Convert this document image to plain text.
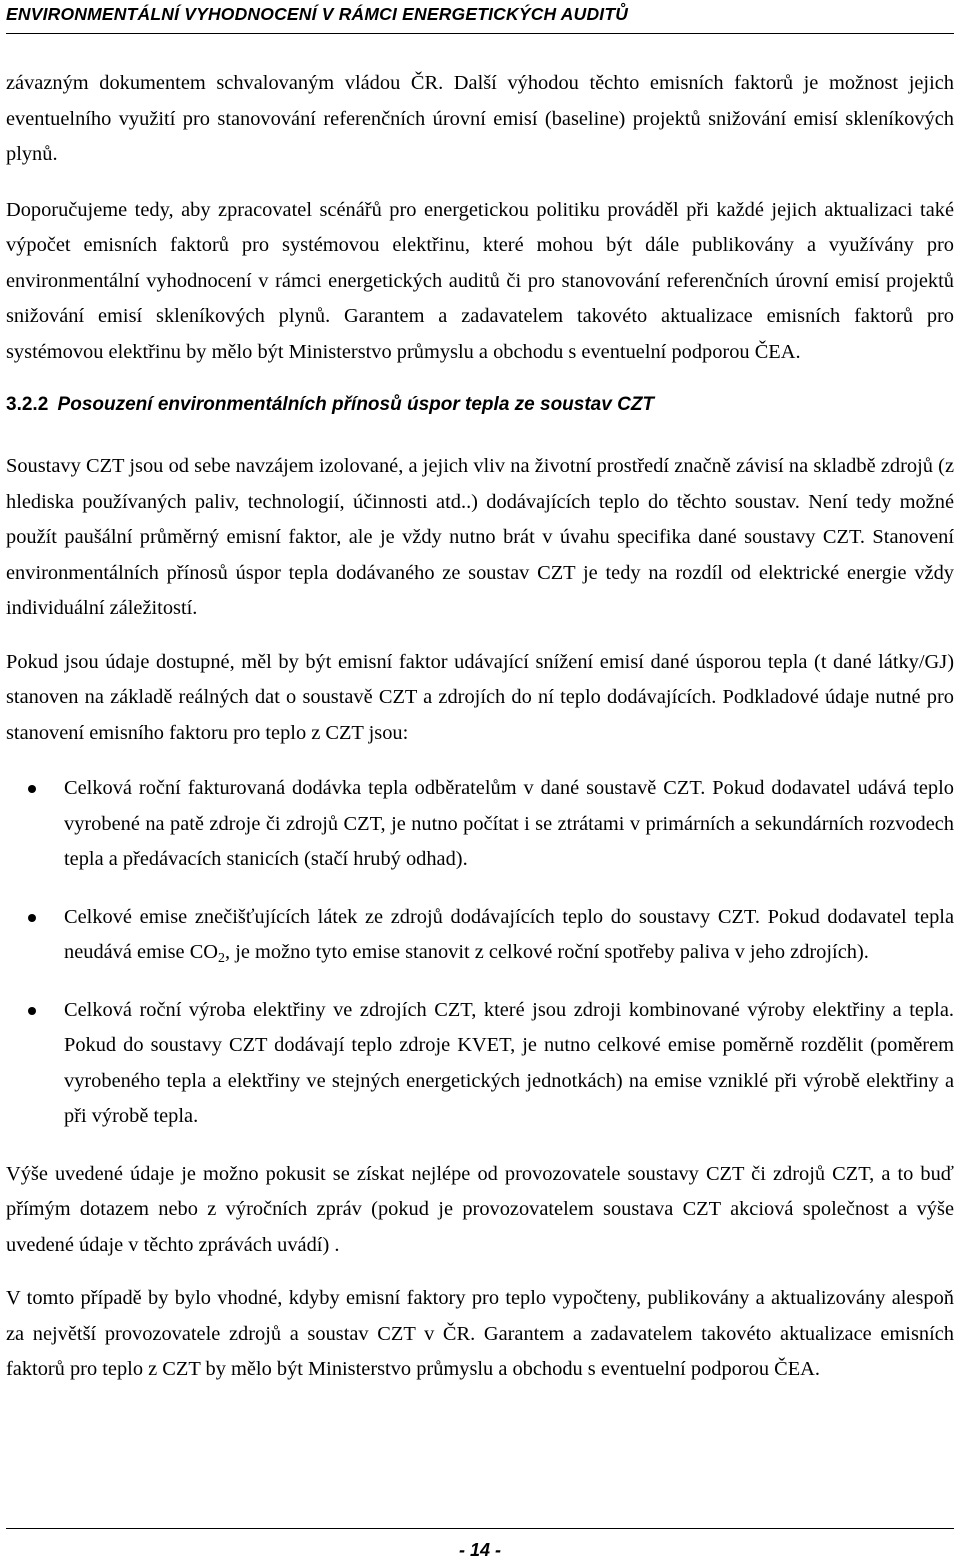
ENVIRONMENTÁLNÍ VYHODNOCENÍ V RÁMCI ENERGETICKÝCH AUDITŮ

závazným dokumentem schvalovaným vládou ČR. Další výhodou těchto emisních faktorů je možnost jejich eventuelního využití pro stanovování referenčních úrovní emisí (baseline) projektů snižování emisí skleníkových plynů.

Doporučujeme tedy, aby zpracovatel scénářů pro energetickou politiku prováděl při každé jejich aktualizaci také výpočet emisních faktorů pro systémovou elektřinu, které mohou být dále publikovány a využívány pro environmentální vyhodnocení v rámci energetických auditů či pro stanovování referenčních úrovní emisí projektů snižování emisí skleníkových plynů. Garantem a zadavatelem takovéto aktualizace emisních faktorů pro systémovou elektřinu by mělo být Ministerstvo průmyslu a obchodu s eventuelní podporou ČEA.

3.2.2 Posouzení environmentálních přínosů úspor tepla ze soustav CZT

Soustavy CZT jsou od sebe navzájem izolované, a jejich vliv na životní prostředí značně závisí na skladbě zdrojů (z hlediska používaných paliv, technologií, účinnosti atd..) dodávajících teplo do těchto soustav. Není tedy možné použít paušální průměrný emisní faktor, ale je vždy nutno brát v úvahu specifika dané soustavy CZT. Stanovení environmentálních přínosů úspor tepla dodávaného ze soustav CZT je tedy na rozdíl od elektrické energie vždy individuální záležitostí.

Pokud jsou údaje dostupné, měl by být emisní faktor udávající snížení emisí dané úsporou tepla (t dané látky/GJ) stanoven na základě reálných dat o soustavě CZT a zdrojích do ní teplo dodávajících. Podkladové údaje nutné pro stanovení emisního faktoru pro teplo z CZT jsou:

Celková roční fakturovaná dodávka tepla odběratelům v dané soustavě CZT. Pokud dodavatel udává teplo vyrobené na patě zdroje či zdrojů CZT, je nutno počítat i se ztrátami v primárních a sekundárních rozvodech tepla a předávacích stanicích (stačí hrubý odhad).

Celkové emise znečišťujících látek ze zdrojů dodávajících teplo do soustavy CZT. Pokud dodavatel tepla neudává emise $CO_2$, je možno tyto emise stanovit z celkové roční spotřeby paliva v jeho zdrojích).

Celková roční výroba elektřiny ve zdrojích CZT, které jsou zdroji kombinované výroby elektřiny a tepla. Pokud do soustavy CZT dodávají teplo zdroje KVET, je nutno celkové emise poměrně rozdělit (poměrem vyrobeného tepla a elektřiny ve stejných energetických jednotkách) na emise vzniklé při výrobě elektřiny a při výrobě tepla.

Výše uvedené údaje je možno pokusit se získat nejlépe od provozovatele soustavy CZT či zdrojů CZT, a to buď přímým dotazem nebo z výročních zpráv (pokud je provozovatelem soustava CZT akciová společnost a výše uvedené údaje v těchto zprávách uvádí) .

V tomto případě by bylo vhodné, kdyby emisní faktory pro teplo vypočteny, publikovány a aktualizovány alespoň za největší provozovatele zdrojů a soustav CZT v ČR. Garantem a zadavatelem takovéto aktualizace emisních faktorů pro teplo z CZT by mělo být Ministerstvo průmyslu a obchodu s eventuelní podporou ČEA.

- 14 -
